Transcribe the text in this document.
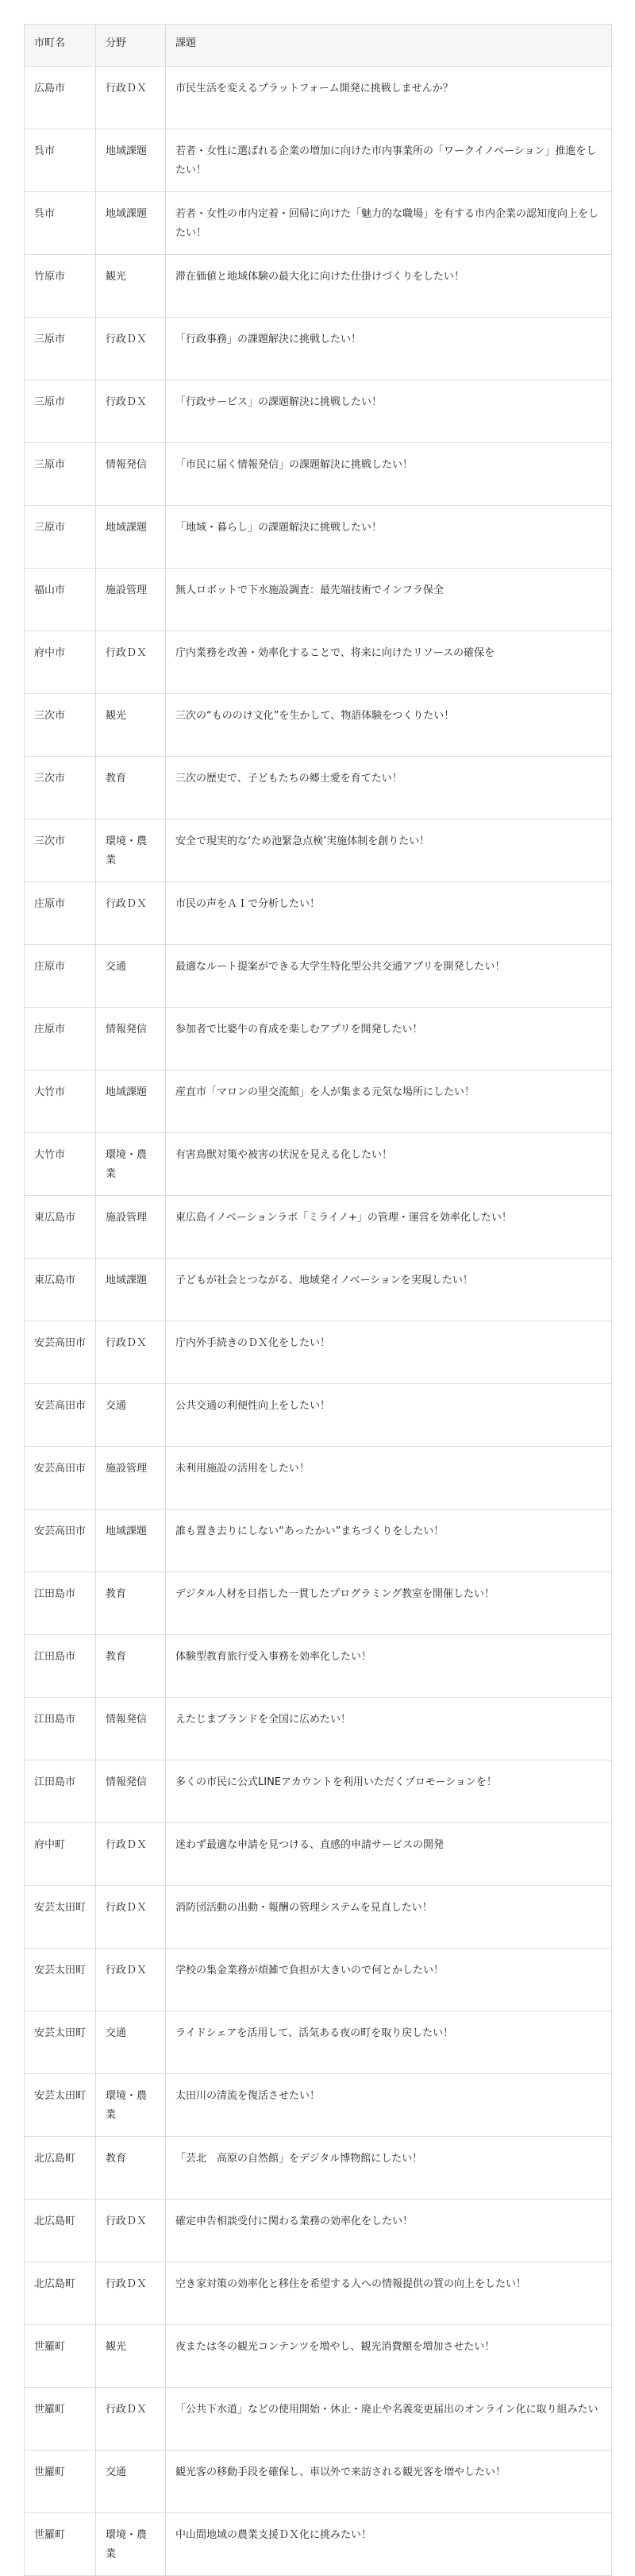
市町名	分野	課題
広島市	行政ＤＸ	市民生活を変えるプラットフォーム開発に挑戦しませんか？
呉市	地域課題	若者・女性に選ばれる企業の増加に向けた市内事業所の「ワークイノベーション」推進をしたい！
呉市	地域課題	若者・女性の市内定着・回帰に向けた「魅力的な職場」を有する市内企業の認知度向上をしたい！
竹原市	観光	滞在価値と地域体験の最大化に向けた仕掛けづくりをしたい！
三原市	行政ＤＸ	「行政事務」の課題解決に挑戦したい！
三原市	行政ＤＸ	「行政サービス」の課題解決に挑戦したい！
三原市	情報発信	「市民に届く情報発信」の課題解決に挑戦したい！
三原市	地域課題	「地域・暮らし」の課題解決に挑戦したい！
福山市	施設管理	無人ロボットで下水施設調査：最先端技術でインフラ保全
府中市	行政ＤＸ	庁内業務を改善・効率化することで、将来に向けたリソースの確保を
三次市	観光	三次の“もののけ文化”を生かして、物語体験をつくりたい！
三次市	教育	三次の歴史で、子どもたちの郷土愛を育てたい！
三次市	環境・農業	安全で現実的な‘ため池緊急点検’実施体制を創りたい！
庄原市	行政ＤＸ	市民の声をＡＩで分析したい！
庄原市	交通	最適なルート提案ができる大学生特化型公共交通アプリを開発したい！
庄原市	情報発信	参加者で比婆牛の育成を楽しむアプリを開発したい！
大竹市	地域課題	産直市「マロンの里交流館」を人が集まる元気な場所にしたい！
大竹市	環境・農業	有害鳥獣対策や被害の状況を見える化したい！
東広島市	施設管理	東広島イノベーションラボ「ミライノ+」の管理・運営を効率化したい！
東広島市	地域課題	子どもが社会とつながる、地域発イノベーションを実現したい！
安芸高田市	行政ＤＸ	庁内外手続きのＤＸ化をしたい！
安芸高田市	交通	公共交通の利便性向上をしたい！
安芸高田市	施設管理	未利用施設の活用をしたい！
安芸高田市	地域課題	誰も置き去りにしない“あったかい”まちづくりをしたい！
江田島市	教育	デジタル人材を目指した一貫したプログラミング教室を開催したい！
江田島市	教育	体験型教育旅行受入事務を効率化したい！
江田島市	情報発信	えたじまブランドを全国に広めたい！
江田島市	情報発信	多くの市民に公式LINEアカウントを利用いただくプロモーションを！
府中町	行政ＤＸ	迷わず最適な申請を見つける、直感的申請サービスの開発
安芸太田町	行政ＤＸ	消防団活動の出動・報酬の管理システムを見直したい！
安芸太田町	行政ＤＸ	学校の集金業務が煩雑で負担が大きいので何とかしたい！
安芸太田町	交通	ライドシェアを活用して、活気ある夜の町を取り戻したい！
安芸太田町	環境・農業	太田川の清流を復活させたい！
北広島町	教育	「芸北　高原の自然館」をデジタル博物館にしたい！
北広島町	行政ＤＸ	確定申告相談受付に関わる業務の効率化をしたい！
北広島町	行政ＤＸ	空き家対策の効率化と移住を希望する人への情報提供の質の向上をしたい！
世羅町	観光	夜または冬の観光コンテンツを増やし、観光消費額を増加させたい！
世羅町	行政ＤＸ	「公共下水道」などの使用開始・休止・廃止や名義変更届出のオンライン化に取り組みたい
世羅町	交通	観光客の移動手段を確保し、車以外で来訪される観光客を増やしたい！
世羅町	環境・農業	中山間地域の農業支援ＤＸ化に挑みたい！
